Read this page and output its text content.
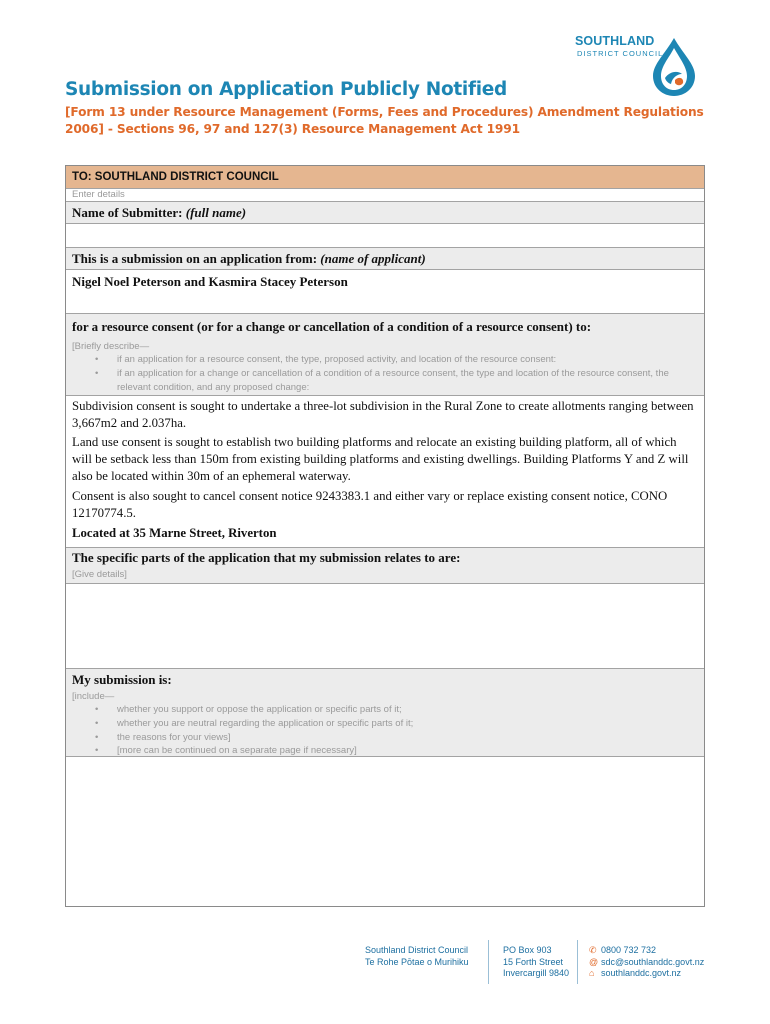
SOUTHLAND
DISTRICT COUNCIL
Submission on Application Publicly Notified

[Form 13 under Resource Management (Forms, Fees and Procedures) Amendment Regulations 2006] - Sections 96, 97 and 127(3) Resource Management Act 1991

TO: SOUTHLAND DISTRICT COUNCIL
Enter details
Name of Submitter: (full name)
This is a submission on an application from: (name of applicant)
Nigel Noel Peterson and Kasmira Stacey Peterson
for a resource consent (or for a change or cancellation of a condition of a resource consent) to:
[Briefly describe—
• if an application for a resource consent, the type, proposed activity, and location of the resource consent:
• if an application for a change or cancellation of a condition of a resource consent, the type and location of the resource consent, the relevant condition, and any proposed change:

Subdivision consent is sought to undertake a three-lot subdivision in the Rural Zone to create allotments ranging between 3,667m2 and 2.037ha.

Land use consent is sought to establish two building platforms and relocate an existing building platform, all of which will be setback less than 150m from existing building platforms and existing dwellings. Building Platforms Y and Z will also be located within 30m of an ephemeral waterway.

Consent is also sought to cancel consent notice 9243383.1 and either vary or replace existing consent notice, CONO 12170774.5.

Located at 35 Marne Street, Riverton

The specific parts of the application that my submission relates to are:
[Give details]
My submission is:
[include—
• whether you support or oppose the application or specific parts of it;
• whether you are neutral regarding the application or specific parts of it;
• the reasons for your views]
• [more can be continued on a separate page if necessary]
Southland District Council
Te Rohe Pōtae o Murihiku
PO Box 903
15 Forth Street
Invercargill 9840
✆ 0800 732 732
@ sdc@southlanddc.govt.nz
⌂ southlanddc.govt.nz
